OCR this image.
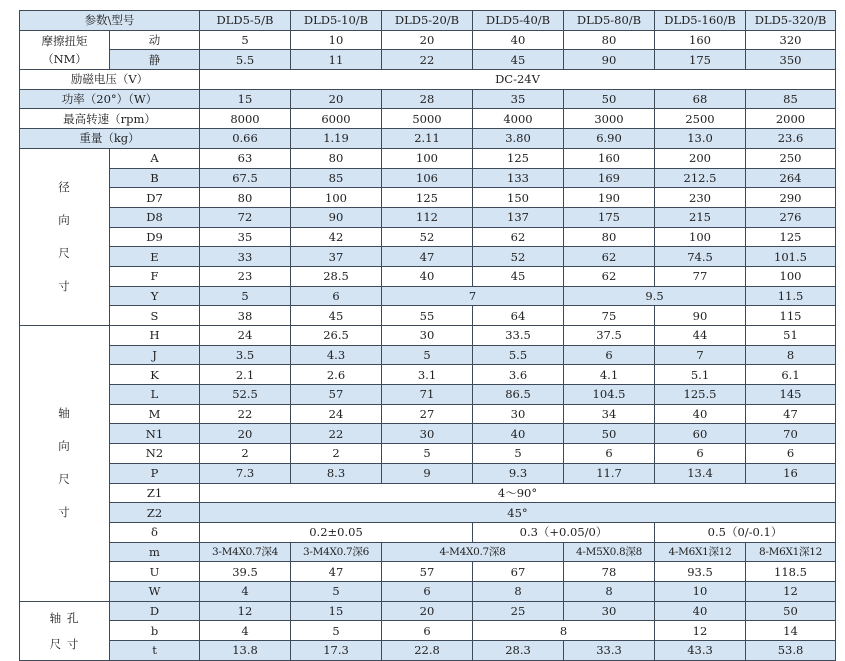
参数\型号		DLD5-5/B	DLD5-10/B	DLD5-20/B	DLD5-40/B	DLD5-80/B	DLD5-160/B	DLD5-320/B

摩擦扭矩
（NM）	动	5	10	20	40	80	160	320
	静	5.5	11	22	45	90	175	350
励磁电压（V）		DC-24V						
功率（20°）（W）		15	20	28	35	50	68	85
最高转速（rpm）		8000	6000	5000	4000	3000	2500	2000
重量（kg）		0.66	1.19	2.11	3.80	6.90	13.0	23.6

径
向
尺
寸	A	63	80	100	125	160	200	250
	B	67.5	85	106	133	169	212.5	264
	D7	80	100	125	150	190	230	290
	D8	72	90	112	137	175	215	276
	D9	35	42	52	62	80	100	125
	E	33	37	47	52	62	74.5	101.5
	F	23	28.5	40	45	62	77	100
	Y	5	6	7		9.5		11.5
	S	38	45	55	64	75	90	115

轴
向
尺
寸	H	24	26.5	30	33.5	37.5	44	51
	J	3.5	4.3	5	5.5	6	7	8
	K	2.1	2.6	3.1	3.6	4.1	5.1	6.1
	L	52.5	57	71	86.5	104.5	125.5	145
	M	22	24	27	30	34	40	47
	N1	20	22	30	40	50	60	70
	N2	2	2	5	5	6	6	6
	P	7.3	8.3	9	9.3	11.7	13.4	16
	Z1	4～90°						
	Z2	45°						
	δ	0.2±0.05			0.3（+0.05/0）		0.5（0/-0.1）	
	m	3-M4X0.7深4	3-M4X0.7深6	4-M4X0.7深8		4-M5X0.8深8	4-M6X1深12	8-M6X1深12
	U	39.5	47	57	67	78	93.5	118.5
	W	4	5	6	8	8	10	12

轴 孔
尺 寸	D	12	15	20	25	30	40	50
	b	4	5	6	8		12	14
	t	13.8	17.3	22.8	28.3	33.3	43.3	53.8
